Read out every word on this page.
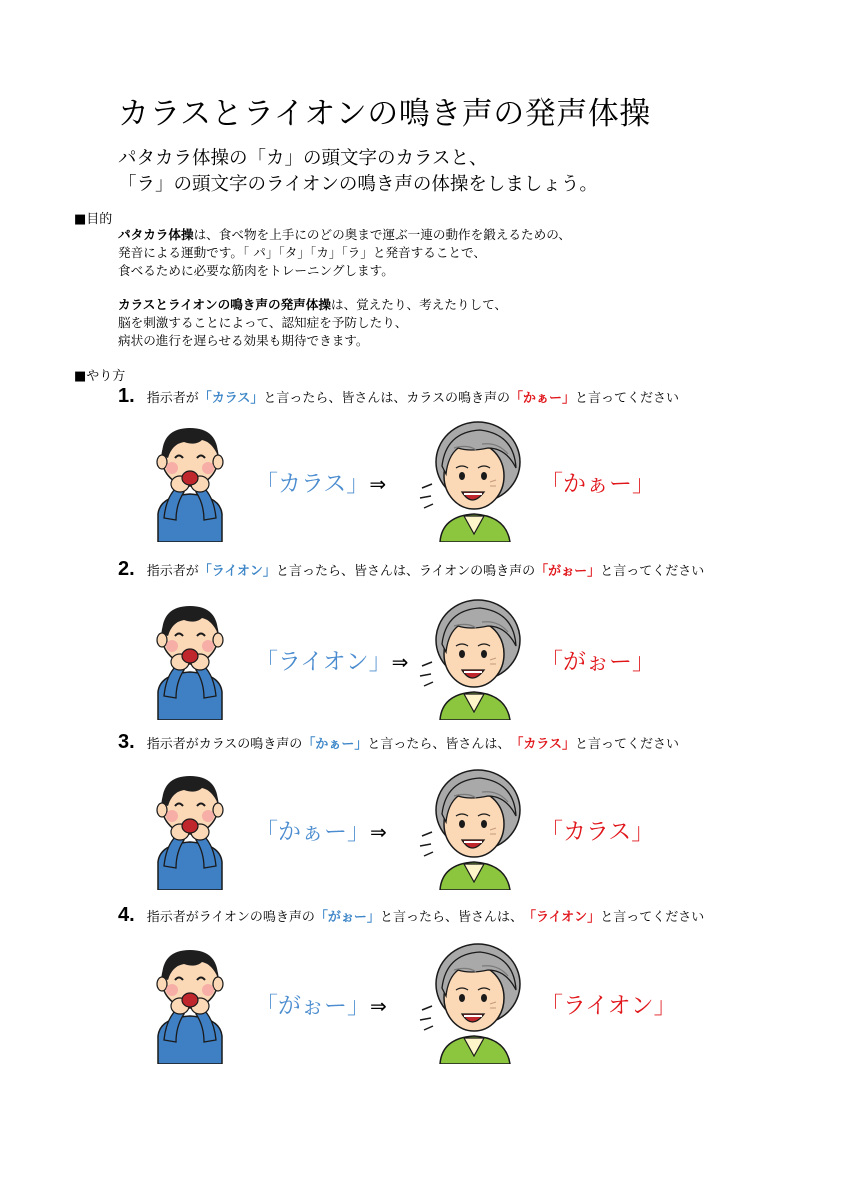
カラスとライオンの鳴き声の発声体操
パタカラ体操の「カ」の頭文字のカラスと、
「ラ」の頭文字のライオンの鳴き声の体操をしましょう。
■目的
パタカラ体操は、食べ物を上手にのどの奥まで運ぶ一連の動作を鍛えるための、
発音による運動です。「 パ」「タ」「カ」「ラ」と発音することで、
食べるために必要な筋肉をトレーニングします。
カラスとライオンの鳴き声の発声体操は、覚えたり、考えたりして、
脳を刺激することによって、認知症を予防したり、
病状の進行を遅らせる効果も期待できます。
■やり方
1. 指示者が 「カラス」 と言ったら、皆さんは、カラスの鳴き声の 「かぁー」 と言ってください
「カラス」⇒	「かぁー」
2. 指示者が 「ライオン」 と言ったら、皆さんは、ライオンの鳴き声の 「がぉー」 と言ってください
「ライオン」⇒	「がぉー」
3. 指示者がカラスの鳴き声の 「かぁー」 と言ったら、皆さんは、 「カラス」 と言ってください
「かぁー」⇒	「カラス」
4. 指示者がライオンの鳴き声の 「がぉー」 と言ったら、皆さんは、 「ライオン」 と言ってください
「がぉー」⇒	「ライオン」
